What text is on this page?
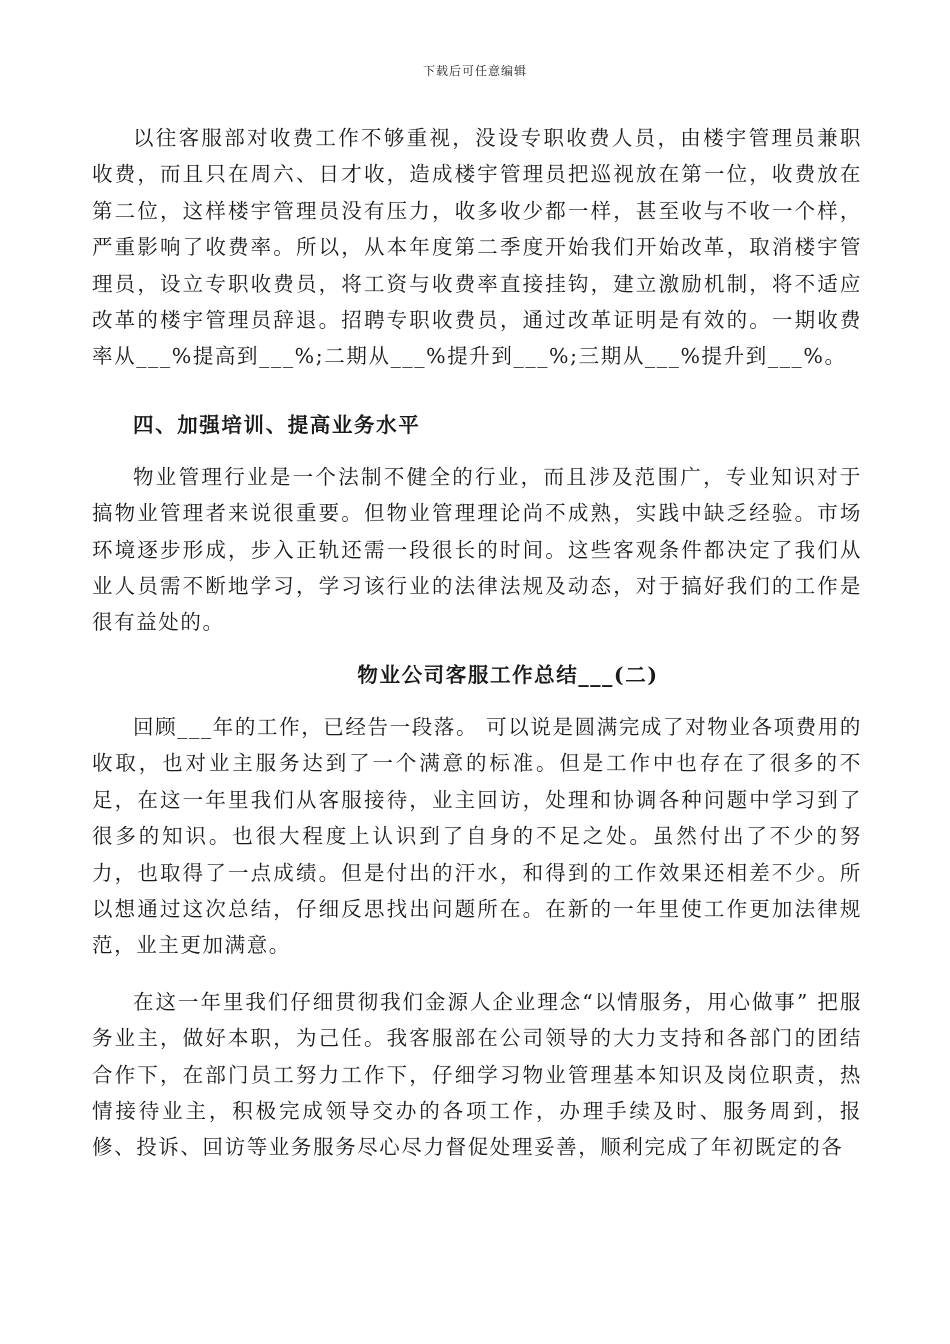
下载后可任意编辑

以往客服部对收费工作不够重视，没设专职收费人员，由楼宇管理员兼职收费，而且只在周六、日才收，造成楼宇管理员把巡视放在第一位，收费放在第二位，这样楼宇管理员没有压力，收多收少都一样，甚至收与不收一个样，严重影响了收费率。所以，从本年度第二季度开始我们开始改革，取消楼宇管理员，设立专职收费员，将工资与收费率直接挂钩，建立激励机制，将不适应改革的楼宇管理员辞退。招聘专职收费员，通过改革证明是有效的。一期收费率从___%提高到___%;二期从___%提升到___%;三期从___%提升到___%。

四、加强培训、提高业务水平

物业管理行业是一个法制不健全的行业，而且涉及范围广，专业知识对于搞物业管理者来说很重要。但物业管理理论尚不成熟，实践中缺乏经验。市场环境逐步形成，步入正轨还需一段很长的时间。这些客观条件都决定了我们从业人员需不断地学习，学习该行业的法律法规及动态，对于搞好我们的工作是很有益处的。

物业公司客服工作总结___(二)

回顾___年的工作，已经告一段落。 可以说是圆满完成了对物业各项费用的收取，也对业主服务达到了一个满意的标准。但是工作中也存在了很多的不足，在这一年里我们从客服接待，业主回访，处理和协调各种问题中学习到了很多的知识。也很大程度上认识到了自身的不足之处。虽然付出了不少的努力，也取得了一点成绩。但是付出的汗水，和得到的工作效果还相差不少。所以想通过这次总结，仔细反思找出问题所在。在新的一年里使工作更加法律规范，业主更加满意。

在这一年里我们仔细贯彻我们金源人企业理念“以情服务，用心做事” 把服务业主，做好本职，为己任。我客服部在公司领导的大力支持和各部门的团结合作下，在部门员工努力工作下，仔细学习物业管理基本知识及岗位职责，热情接待业主，积极完成领导交办的各项工作，办理手续及时、服务周到，报修、投诉、回访等业务服务尽心尽力督促处理妥善，顺利完成了年初既定的各
